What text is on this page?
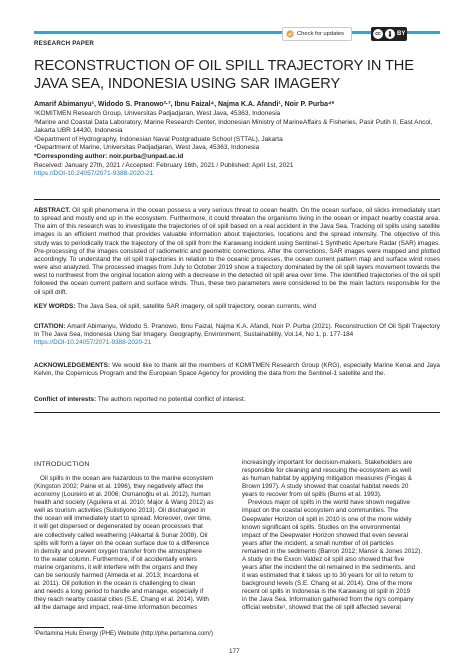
RESEARCH PAPER
Check for updates	cc	BY
RECONSTRUCTION OF OIL SPILL TRAJECTORY IN THE JAVA SEA, INDONESIA USING SAR IMAGERY
Amarif Abimanyu¹, Widodo S. Pranowo²·³, Ibnu Faizal⁴, Najma K.A. Afandi¹, Noir P. Purba⁴*
¹KOMITMEN Research Group, Universitas Padjadjaran, West Java, 45363, Indonesia
²Marine and Coastal Data Laboratory, Marine Research Center, Indonesian Ministry of MarineAffairs & Fisheries, Pasir Putih II, East Ancol, Jakarta UBR 14430, Indonesia
³Department of Hydrography, Indonesian Naval Postgraduate School (STTAL), Jakarta
⁴Department of Marine, Universitas Padjadjaran, West Java, 45363, Indonesia
*Corresponding author: noir.purba@unpad.ac.id
Received: January 27th, 2021 / Accepted: February 16th, 2021 / Published: April 1st, 2021
https://DOI-10.24057/2071-9388-2020-21
ABSTRACT. Oil spill phenomena in the ocean possess a very serious threat to ocean health. On the ocean surface, oil slicks immediately start to spread and mostly end up in the ecosystem. Furthermore, it could threaten the organisms living in the ocean or impact nearby coastal area. The aim of this research was to investigate the trajectories of oil spill based on a real accident in the Java Sea. Tracking oil spills using satellite images is an efficient method that provides valuable information about trajectories, locations and the spread intensity. The objective of this study was to periodically track the trajectory of the oil spill from the Karawang incident using Sentinel-1 Synthetic Aperture Radar (SAR) images. Pre-processing of the images consisted of radiometric and geometric corrections. After the corrections, SAR images were mapped and plotted accordingly. To understand the oil spill trajectories in relation to the oceanic processes, the ocean current pattern map and surface wind roses were also analyzed. The processed images from July to October 2019 show a trajectory dominated by the oil spill layers movement towards the west to northwest from the original location along with a decrease in the detected oil spill area over time. The identified trajectories of the oil spill followed the ocean current pattern and surface winds. Thus, these two parameters were considered to be the main factors responsible for the oil spill drift.
KEY WORDS: The Java Sea, oil spill, satellite SAR imagery, oil spill trajectory, ocean currents, wind
CITATION: Amarif Abimanyu, Widodo S. Pranowo, Ibnu Faizal, Najma K.A. Afandi, Noir P. Purba (2021). Reconstruction Of Oil Spill Trajectory In The Java Sea, Indonesia Using Sar Imagery. Geography, Environment, Sustainability, Vol.14, No 1, p. 177-184
https://DOI-10.24057/2071-9388-2020-21
ACKNOWLEDGEMENTS: We would like to thank all the members of KOMITMEN Research Group (KRG), especially Marine Kenai and Jaya Kelvin, the Copernicus Program and the European Space Agency for providing the data from the Sentinel-1 satellite and the.
Conflict of interests: The authors reported no potential conflict of interest.
INTRODUCTION
Oil spills in the ocean are hazardous to the marine ecosystem
(Kingston 2002; Paine et al. 1996), they negatively affect the
economy (Loureiro et al. 2006; Osmanoğlu et al. 2012), human
health and society (Aguilera et al. 2010; Major & Wang 2012) as
well as tourism activities (Sulistiyono 2013). Oil discharged in
the ocean will immediately start to spread. Moreover, over time,
it will get dispersed or degenerated by ocean processes that
are collectively called weathering (Akkartal & Sunar 2008). Oil
spills will form a layer on the ocean surface due to a difference
in density and prevent oxygen transfer from the atmosphere
to the water column. Furthermore, if oil accidentally enters
marine organisms, it will interfere with the organs and they
can be seriously harmed (Almeda et al. 2013; Incardona et
al. 2011). Oil pollution in the ocean is challenging to clean
and needs a long period to handle and manage, especially if
they reach nearby coastal cities (S.E. Chang et al. 2014). With
all the damage and impact, real-time information becomes
increasingly important for decision-makers. Stakeholders are
responsible for cleaning and rescuing the ecosystem as well
as human habitat by applying mitigation measures (Fingas &
Brown 1997). A study showed that coastal habitat needs 20
years to recover from oil spills (Burns et al. 1993).
Previous major oil spills in the world have shown negative
impact on the coastal ecosystem and communities. The
Deepwater Horizon oil spill in 2010 is one of the more widely
known significant oil spills. Studies on the environmental
impact of the Deepwater Horizon showed that even several
years after the incident, a small number of oil particles
remained in the sediments (Barron 2012; Mansir & Jones 2012).
A study on the Exxon Valdez oil spill also showed that five
years after the incident the oil remained in the sediments, and
it was estimated that it takes up to 30 years for oil to return to
background levels (S.E. Chang et al. 2014). One of the more
recent oil spills in Indonesia is the Karawang oil spill in 2019
in the Java Sea. Information gathered from the rig's company
official website¹, showed that the oil spill affected several
¹Pertamina Hulu Energy (PHE) Website (http://phe.pertamina.com/)
177
